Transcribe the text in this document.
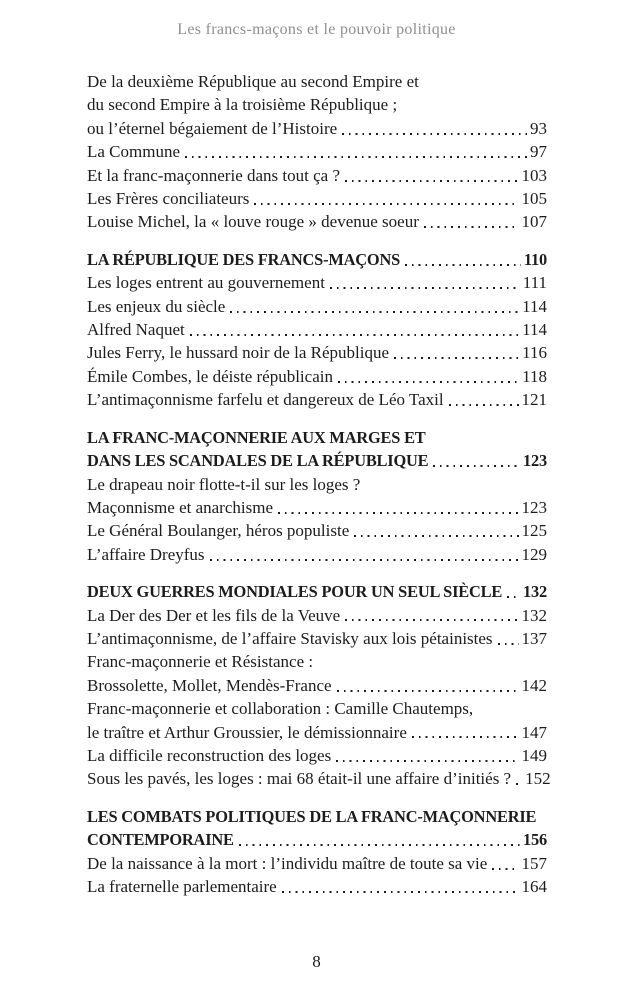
Les francs-maçons et le pouvoir politique
De la deuxième République au second Empire et
du second Empire à la troisième République ;
ou l’éternel bégaiement de l’Histoire	93
La Commune	97
Et la franc-maçonnerie dans tout ça ?	103
Les Frères conciliateurs	105
Louise Michel, la « louve rouge » devenue soeur	107
LA RÉPUBLIQUE DES FRANCS-MAÇONS	110
Les loges entrent au gouvernement	111
Les enjeux du siècle	114
Alfred Naquet	114
Jules Ferry, le hussard noir de la République	116
Émile Combes, le déiste républicain	118
L’antimaçonnisme farfelu et dangereux de Léo Taxil	121
LA FRANC-MAÇONNERIE AUX MARGES ET
DANS LES SCANDALES DE LA RÉPUBLIQUE	123
Le drapeau noir flotte-t-il sur les loges ?
Maçonnisme et anarchisme	123
Le Général Boulanger, héros populiste	125
L’affaire Dreyfus	129
DEUX GUERRES MONDIALES POUR UN SEUL SIÈCLE 132
La Der des Der et les fils de la Veuve	132
L’antimaçonnisme, de l’affaire Stavisky aux lois pétainistes 137
Franc-maçonnerie et Résistance :
Brossolette, Mollet, Mendès-France	142
Franc-maçonnerie et collaboration : Camille Chautemps,
le traître et Arthur Groussier, le démissionnaire	147
La difficile reconstruction des loges	149
Sous les pavés, les loges : mai 68 était-il une affaire d’initiés ? 152
LES COMBATS POLITIQUES DE LA FRANC-MAÇONNERIE
CONTEMPORAINE	156
De la naissance à la mort : l’individu maître de toute sa vie 157
La fraternelle parlementaire	164
8
